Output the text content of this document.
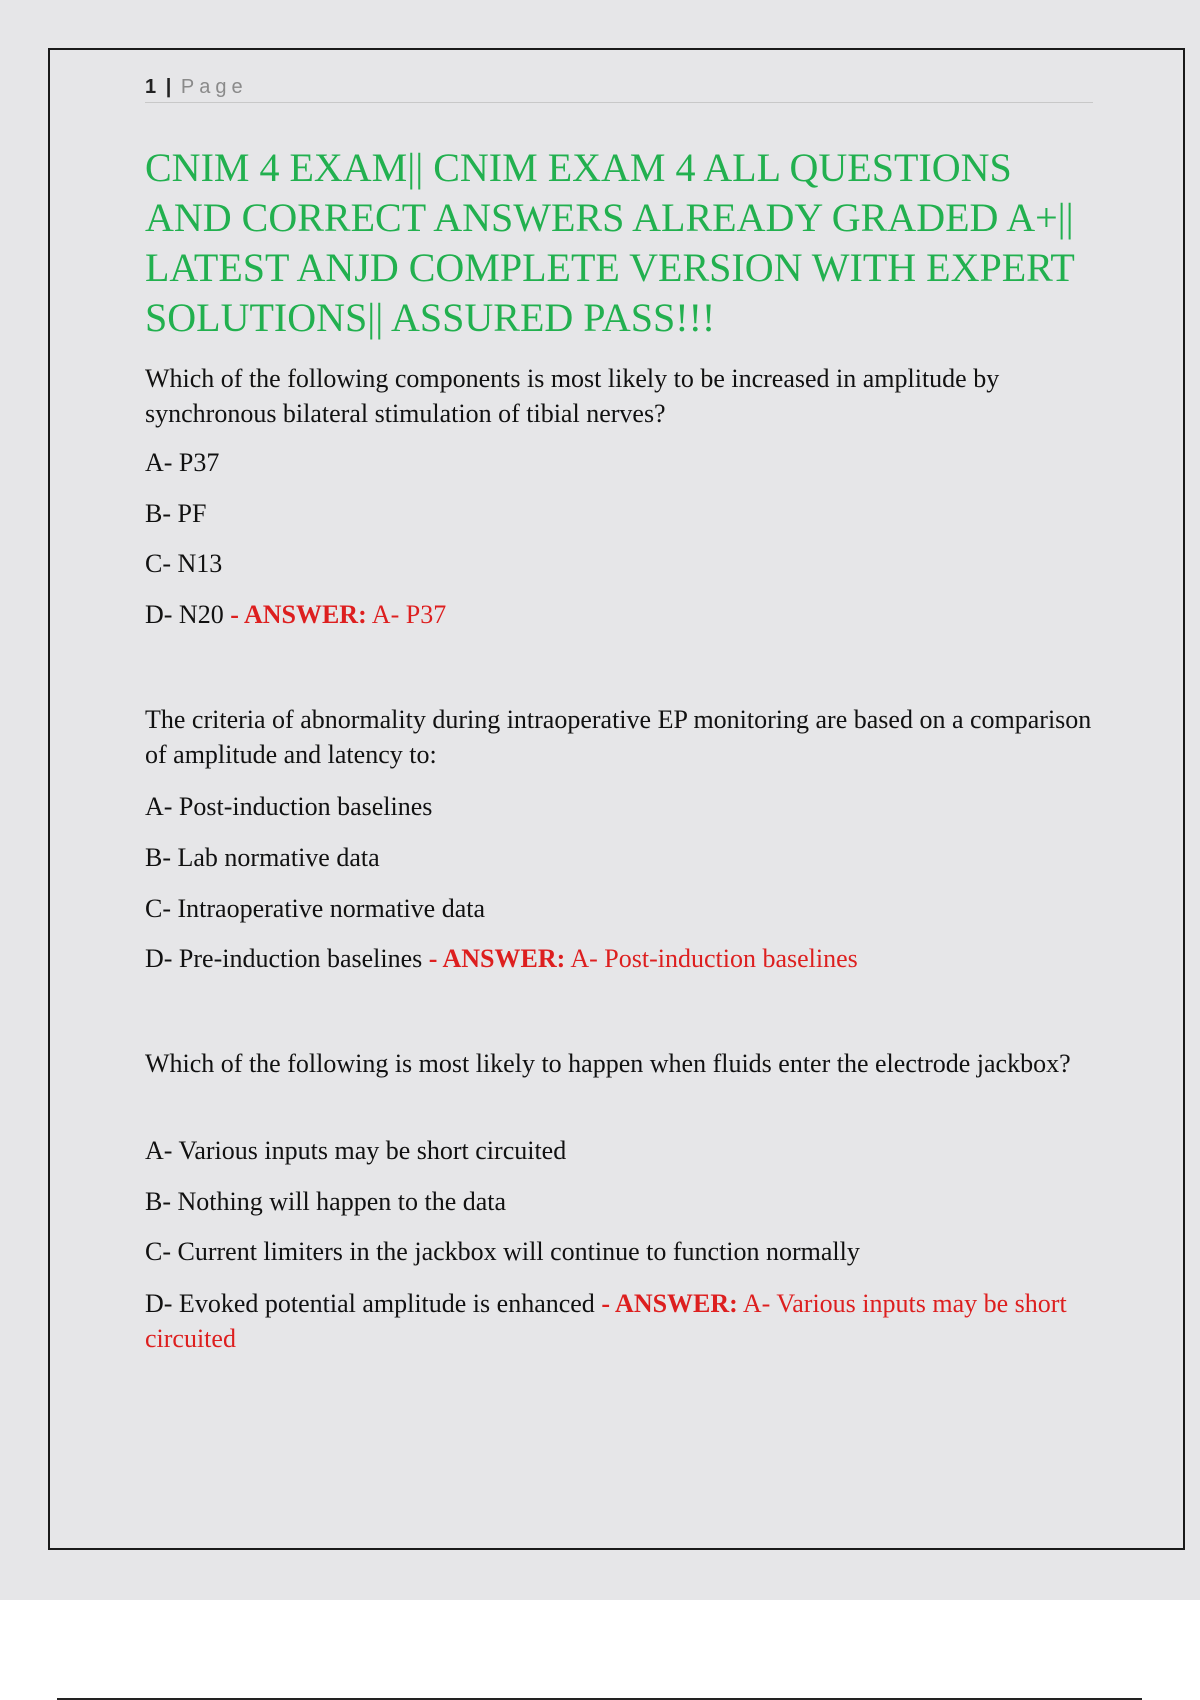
1 | Page
CNIM 4 EXAM|| CNIM EXAM 4 ALL QUESTIONS AND CORRECT ANSWERS ALREADY GRADED A+|| LATEST ANJD COMPLETE VERSION WITH EXPERT SOLUTIONS|| ASSURED PASS!!!

Which of the following components is most likely to be increased in amplitude by synchronous bilateral stimulation of tibial nerves?

A- P37

B- PF

C- N13

D- N20 - ANSWER: A- P37

The criteria of abnormality during intraoperative EP monitoring are based on a comparison of amplitude and latency to:

A- Post-induction baselines

B- Lab normative data

C- Intraoperative normative data

D- Pre-induction baselines - ANSWER: A- Post-induction baselines

Which of the following is most likely to happen when fluids enter the electrode jackbox?

A- Various inputs may be short circuited

B- Nothing will happen to the data

C- Current limiters in the jackbox will continue to function normally

D- Evoked potential amplitude is enhanced - ANSWER: A- Various inputs may be short circuited
